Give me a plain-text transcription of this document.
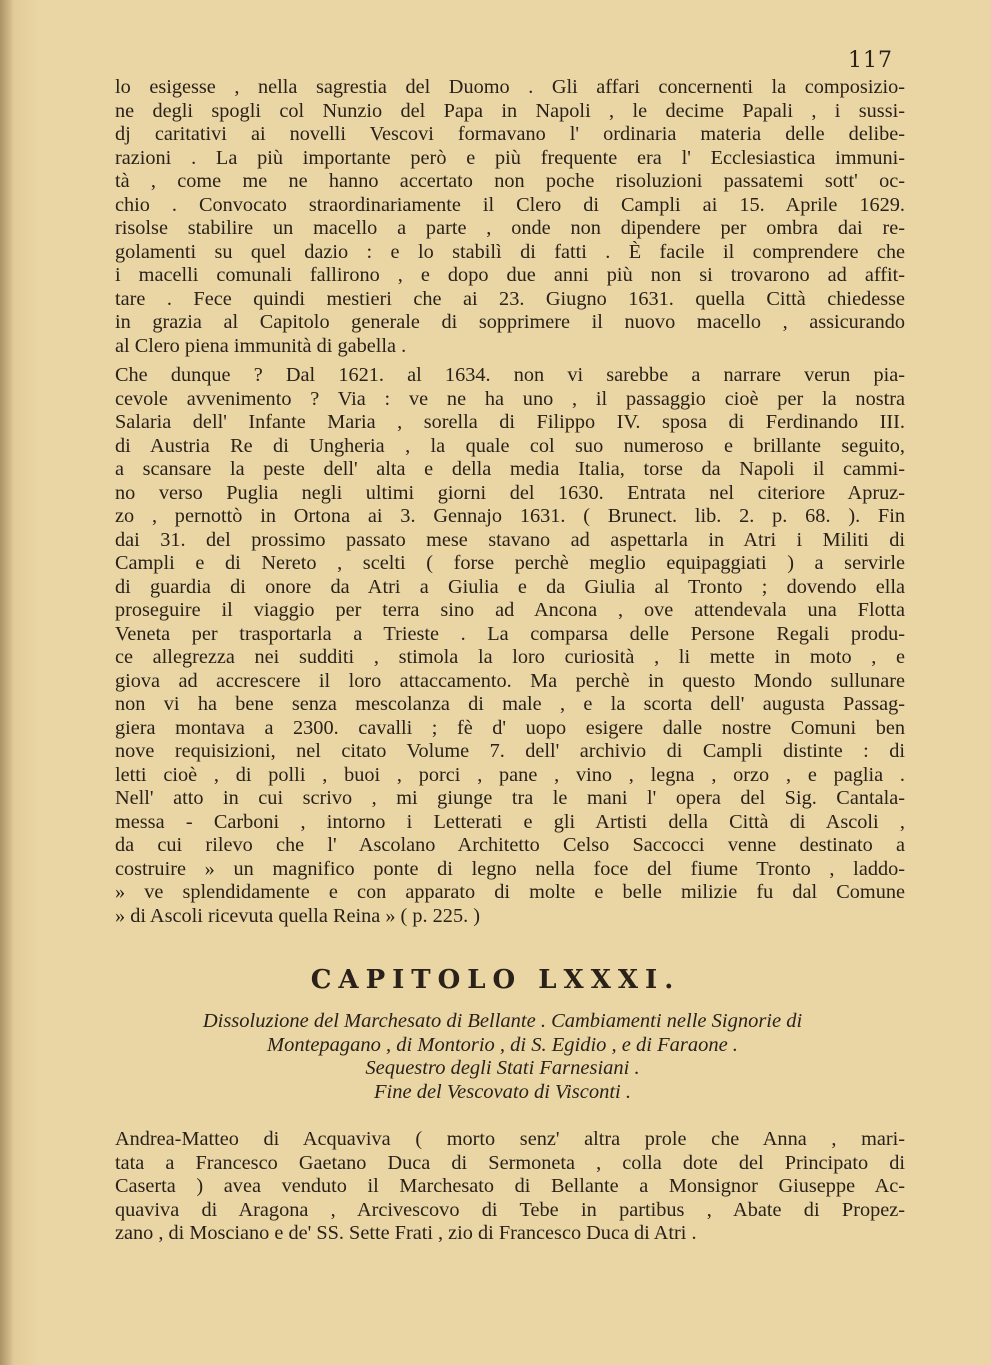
117
lo esigesse , nella sagrestia del Duomo . Gli affari concernenti la composizio-
ne degli spogli col Nunzio del Papa in Napoli , le decime Papali , i sussi-
dj caritativi ai novelli Vescovi formavano l' ordinaria materia delle delibe-
razioni . La più importante però e più frequente era l' Ecclesiastica immuni-
tà , come me ne hanno accertato non poche risoluzioni passatemi sott' oc-
chio . Convocato straordinariamente il Clero di Campli ai 15. Aprile 1629.
risolse stabilire un macello a parte , onde non dipendere per ombra dai re-
golamenti su quel dazio : e lo stabilì di fatti . È facile il comprendere che
i macelli comunali fallirono , e dopo due anni più non si trovarono ad affit-
tare . Fece quindi mestieri che ai 23. Giugno 1631. quella Città chiedesse
in grazia al Capitolo generale di sopprimere il nuovo macello , assicurando
al Clero piena immunità di gabella .
Che dunque ? Dal 1621. al 1634. non vi sarebbe a narrare verun pia-
cevole avvenimento ? Via : ve ne ha uno , il passaggio cioè per la nostra
Salaria dell' Infante Maria , sorella di Filippo IV. sposa di Ferdinando III.
di Austria Re di Ungheria , la quale col suo numeroso e brillante seguito,
a scansare la peste dell' alta e della media Italia, torse da Napoli il cammi-
no verso Puglia negli ultimi giorni del 1630. Entrata nel citeriore Apruz-
zo , pernottò in Ortona ai 3. Gennajo 1631. ( Brunect. lib. 2. p. 68. ). Fin
dai 31. del prossimo passato mese stavano ad aspettarla in Atri i Militi di
Campli e di Nereto , scelti ( forse perchè meglio equipaggiati ) a servirle
di guardia di onore da Atri a Giulia e da Giulia al Tronto ; dovendo ella
proseguire il viaggio per terra sino ad Ancona , ove attendevala una Flotta
Veneta per trasportarla a Trieste . La comparsa delle Persone Regali produ-
ce allegrezza nei sudditi , stimola la loro curiosità , li mette in moto , e
giova ad accrescere il loro attaccamento. Ma perchè in questo Mondo sullunare
non vi ha bene senza mescolanza di male , e la scorta dell' augusta Passag-
giera montava a 2300. cavalli ; fè d' uopo esigere dalle nostre Comuni ben
nove requisizioni, nel citato Volume 7. dell' archivio di Campli distinte : di
letti cioè , di polli , buoi , porci , pane , vino , legna , orzo , e paglia .
Nell' atto in cui scrivo , mi giunge tra le mani l' opera del Sig. Cantala-
messa - Carboni , intorno i Letterati e gli Artisti della Città di Ascoli ,
da cui rilevo che l' Ascolano Architetto Celso Saccocci venne destinato a
costruire » un magnifico ponte di legno nella foce del fiume Tronto , laddo-
» ve splendidamente e con apparato di molte e belle milizie fu dal Comune
» di Ascoli ricevuta quella Reina » ( p. 225. )
CAPITOLO LXXXI.
Dissoluzione del Marchesato di Bellante . Cambiamenti nelle Signorie di
Montepagano , di Montorio , di S. Egidio , e di Faraone .
Sequestro degli Stati Farnesiani .
Fine del Vescovato di Visconti .
Andrea-Matteo di Acquaviva ( morto senz' altra prole che Anna , mari-
tata a Francesco Gaetano Duca di Sermoneta , colla dote del Principato di
Caserta ) avea venduto il Marchesato di Bellante a Monsignor Giuseppe Ac-
quaviva di Aragona , Arcivescovo di Tebe in partibus , Abate di Propez-
zano , di Mosciano e de' SS. Sette Frati , zio di Francesco Duca di Atri .
